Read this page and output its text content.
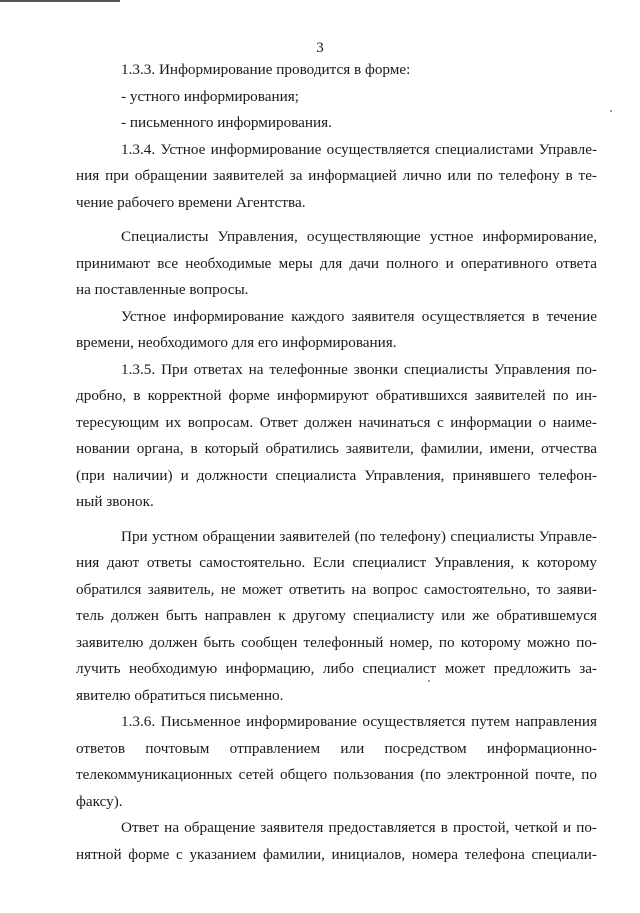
3
1.3.3. Информирование проводится в форме:
- устного информирования;
- письменного информирования.
1.3.4. Устное информирование осуществляется специалистами Управле-
ния при обращении заявителей за информацией лично или по телефону в те-
чение рабочего времени Агентства.
Специалисты Управления, осуществляющие устное информирование,
принимают все необходимые меры для дачи полного и оперативного ответа
на поставленные вопросы.
Устное информирование каждого заявителя осуществляется в течение
времени, необходимого для его информирования.
1.3.5. При ответах на телефонные звонки специалисты Управления по-
дробно, в корректной форме информируют обратившихся заявителей по ин-
тересующим их вопросам. Ответ должен начинаться с информации о наиме-
новании органа, в который обратились заявители, фамилии, имени, отчества
(при наличии) и должности специалиста Управления, принявшего телефон-
ный звонок.
При устном обращении заявителей (по телефону) специалисты Управле-
ния дают ответы самостоятельно. Если специалист Управления, к которому
обратился заявитель, не может ответить на вопрос самостоятельно, то заяви-
тель должен быть направлен к другому специалисту или же обратившемуся
заявителю должен быть сообщен телефонный номер, по которому можно по-
лучить необходимую информацию, либо специалист может предложить за-
явителю обратиться письменно.
1.3.6. Письменное информирование осуществляется путем направления
ответов почтовым отправлением или посредством информационно-
телекоммуникационных сетей общего пользования (по электронной почте, по
факсу).
Ответ на обращение заявителя предоставляется в простой, четкой и по-
нятной форме с указанием фамилии, инициалов, номера телефона специали-
